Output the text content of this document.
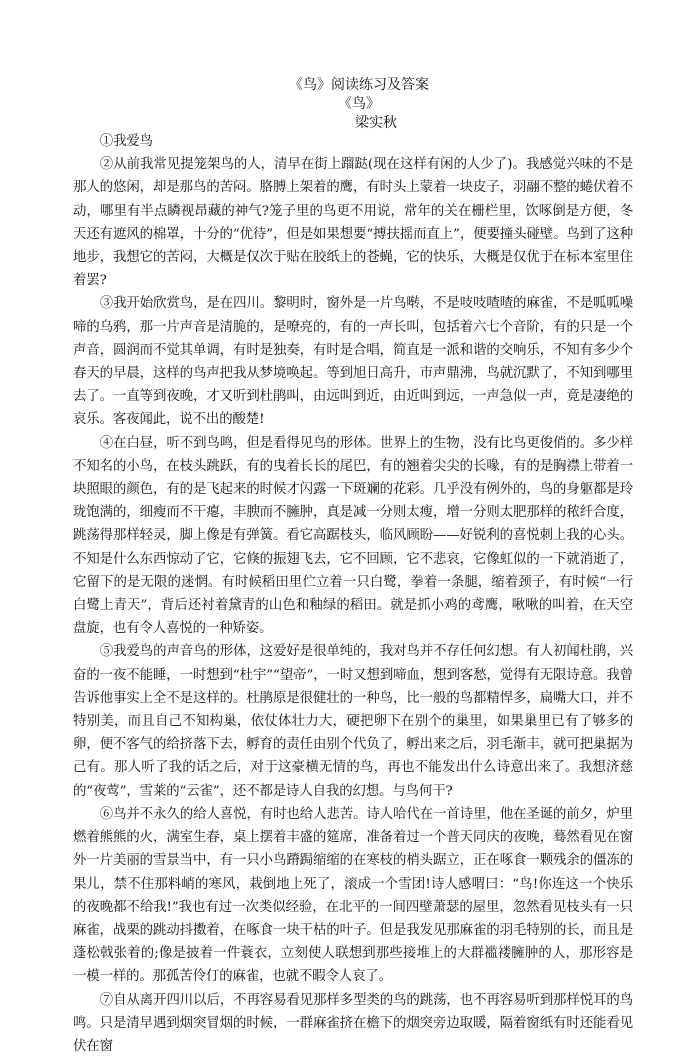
《鸟》阅读练习及答案
《鸟》
梁实秋

①我爱鸟

②从前我常见提笼架鸟的人，清早在街上蹓跶(现在这样有闲的人少了)。我感觉兴味的不是那人的悠闲，却是那鸟的苦闷。胳膊上架着的鹰，有时头上蒙着一块皮子，羽翮不整的蜷伏着不动，哪里有半点瞵视昂藏的神气?笼子里的鸟更不用说，常年的关在栅栏里，饮啄倒是方便，冬天还有遮风的棉罩，十分的“优待”，但是如果想要“搏扶摇而直上”，便要撞头碰壁。鸟到了这种地步，我想它的苦闷，大概是仅次于贴在胶纸上的苍蝇，它的快乐，大概是仅优于在标本室里住着罢?

③我开始欣赏鸟，是在四川。黎明时，窗外是一片鸟啭，不是吱吱喳喳的麻雀，不是呱呱噪啼的乌鸦，那一片声音是清脆的，是嘹亮的，有的一声长叫，包括着六七个音阶，有的只是一个声音，圆润而不觉其单调，有时是独奏，有时是合唱，简直是一派和谐的交响乐，不知有多少个春天的早晨，这样的鸟声把我从梦境唤起。等到旭日高升，市声鼎沸，鸟就沉默了，不知到哪里去了。一直等到夜晚，才又听到杜鹃叫，由远叫到近，由近叫到远，一声急似一声，竟是凄绝的哀乐。客夜闻此，说不出的酸楚!

④在白昼，听不到鸟鸣，但是看得见鸟的形体。世界上的生物，没有比鸟更俊俏的。多少样不知名的小鸟，在枝头跳跃，有的曳着长长的尾巴，有的翘着尖尖的长喙，有的是胸襟上带着一块照眼的颜色，有的是飞起来的时候才闪露一下斑斓的花彩。几乎没有例外的，鸟的身躯都是玲珑饱满的，细瘦而不干瘪，丰腴而不臃肿，真是减一分则太瘦，增一分则太肥那样的秾纤合度，跳荡得那样轻灵，脚上像是有弹簧。看它高踞枝头，临风顾盼——好锐利的喜悦刺上我的心头。不知是什么东西惊动了它，它倏的振翅飞去，它不回顾，它不悲哀，它像虹似的一下就消逝了，它留下的是无限的迷惘。有时候稻田里伫立着一只白鹭，拳着一条腿，缩着颈子，有时候“一行白鹭上青天”，背后还衬着黛青的山色和釉绿的稻田。就是抓小鸡的鸢鹰，啾啾的叫着，在天空盘旋，也有令人喜悦的一种矫姿。

⑤我爱鸟的声音鸟的形体，这爱好是很单纯的，我对鸟并不存任何幻想。有人初闻杜鹃，兴奋的一夜不能睡，一时想到“杜宇”“望帝”，一时又想到啼血，想到客愁，觉得有无限诗意。我曾告诉他事实上全不是这样的。杜鹃原是很健壮的一种鸟，比一般的鸟都精悍多，扁嘴大口，并不特别美，而且自己不知构巢，依仗体壮力大，硬把卵下在别个的巢里，如果巢里已有了够多的卵，便不客气的给挤落下去，孵育的责任由别个代负了，孵出来之后，羽毛渐丰，就可把巢据为己有。那人听了我的话之后，对于这豪横无情的鸟，再也不能发出什么诗意出来了。我想济慈的“夜莺”，雪莱的“云雀”，还不都是诗人自我的幻想。与鸟何干?

⑥鸟并不永久的给人喜悦，有时也给人悲苦。诗人哈代在一首诗里，他在圣诞的前夕，炉里燃着熊熊的火，满室生春，桌上摆着丰盛的筵席，准备着过一个普天同庆的夜晚，蓦然看见在窗外一片美丽的雪景当中，有一只小鸟蹐跼缩缩的在寒枝的梢头踞立，正在啄食一颗残余的僵冻的果儿，禁不住那料峭的寒风，栽倒地上死了，滚成一个雪团!诗人感喟曰：“鸟!你连这一个快乐的夜晚都不给我!”我也有过一次类似经验，在北平的一间四壁萧瑟的屋里，忽然看见枝头有一只麻雀，战栗的跳动抖擞着，在啄食一块干枯的叶子。但是我发见那麻雀的羽毛特别的长，而且是蓬松戟张着的;像是披着一件蓑衣，立刻使人联想到那些接堆上的大群褴褛臃肿的人，那形容是一模一样的。那孤苦伶仃的麻雀，也就不暇令人哀了。

⑦自从离开四川以后，不再容易看见那样多型类的鸟的跳荡，也不再容易听到那样悦耳的鸟鸣。只是清早遇到烟突冒烟的时候，一群麻雀挤在檐下的烟突旁边取暖，隔着窗纸有时还能看见伏在窗
